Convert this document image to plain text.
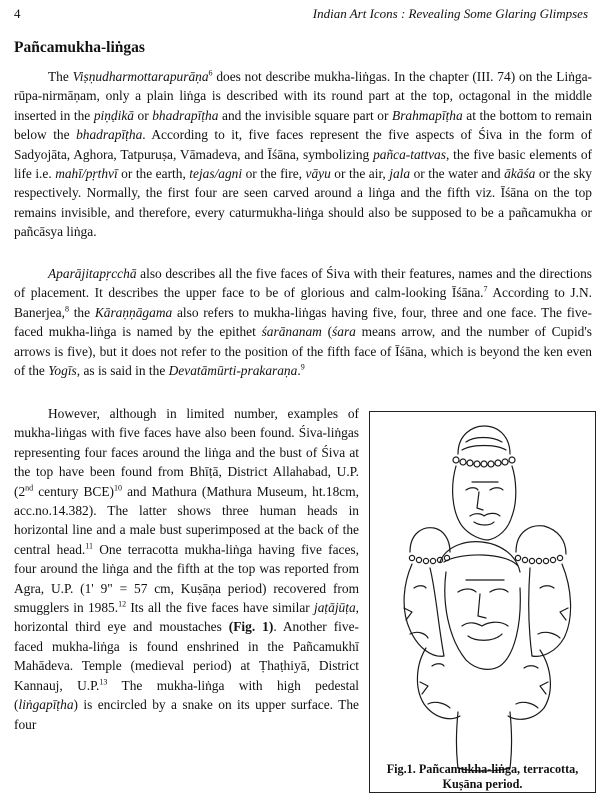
4	Indian Art Icons : Revealing Some Glaring Glimpses
Pañcamukha-liṅgas

The Viṣṇudharmottarapurāṇa$^6$ does not describe mukha-liṅgas. In the chapter (III. 74) on the Liṅga-rūpa-nirmāṇam, only a plain liṅga is described with its round part at the top, octagonal in the middle inserted in the piṇḍikā or bhadrapīṭha and the invisible square part or Brahmapīṭha at the bottom to remain below the bhadrapīṭha. According to it, five faces represent the five aspects of Śiva in the form of Sadyojāta, Aghora, Tatpuruṣa, Vāmadeva, and Īśāna, symbolizing pañca-tattvas, the five basic elements of life i.e. mahī/pṛthvī or the earth, tejas/agni or the fire, vāyu or the air, jala or the water and ākāśa or the sky respectively. Normally, the first four are seen carved around a liṅga and the fifth viz. Īśāna on the top remains invisible, and therefore, every caturmukha-liṅga should also be supposed to be a pañcamukha or pañcāsya liṅga.

Aparājitapṛcchā also describes all the five faces of Śiva with their features, names and the directions of placement. It describes the upper face to be of glorious and calm-looking Īśāna.$^7$ According to J.N. Banerjea,$^8$ the Kāraṇṇāgama also refers to mukha-liṅgas having five, four, three and one face. The five-faced mukha-liṅga is named by the epithet śarānanam (śara means arrow, and the number of Cupid's arrows is five), but it does not refer to the position of the fifth face of Īśāna, which is beyond the ken even of the Yogīs, as is said in the Devatāmūrti-prakaraṇa.$^9$

However, although in limited number, examples of mukha-liṅgas with five faces have also been found. Śiva-liṅgas representing four faces around the liṅga and the bust of Śiva at the top have been found from Bhīṭā, District Allahabad, U.P. (2nd century BCE)$^{10}$ and Mathura (Mathura Museum, ht.18cm, acc.no.14.382). The latter shows three human heads in horizontal line and a male bust superimposed at the back of the central head.$^{11}$ One terracotta mukha-liṅga having five faces, four around the liṅga and the fifth at the top was reported from Agra, U.P. (1' 9" = 57 cm, Kuṣāṇa period) recovered from smugglers in 1985.12 Its all the five faces have similar jaṭājūṭa, horizontal third eye and moustaches (Fig. 1). Another five-faced mukha-liṅga is found enshrined in the Pañcamukhī Mahādeva. Temple (medieval period) at Ṭhaṭhiyā, District Kannauj, U.P.$^{13}$ The mukha-liṅga with high pedestal (liṅgapīṭha) is encircled by a snake on its upper surface. The four

Fig.1. Pañcamukha-liṅga, terracotta,
Kuṣāna period.
